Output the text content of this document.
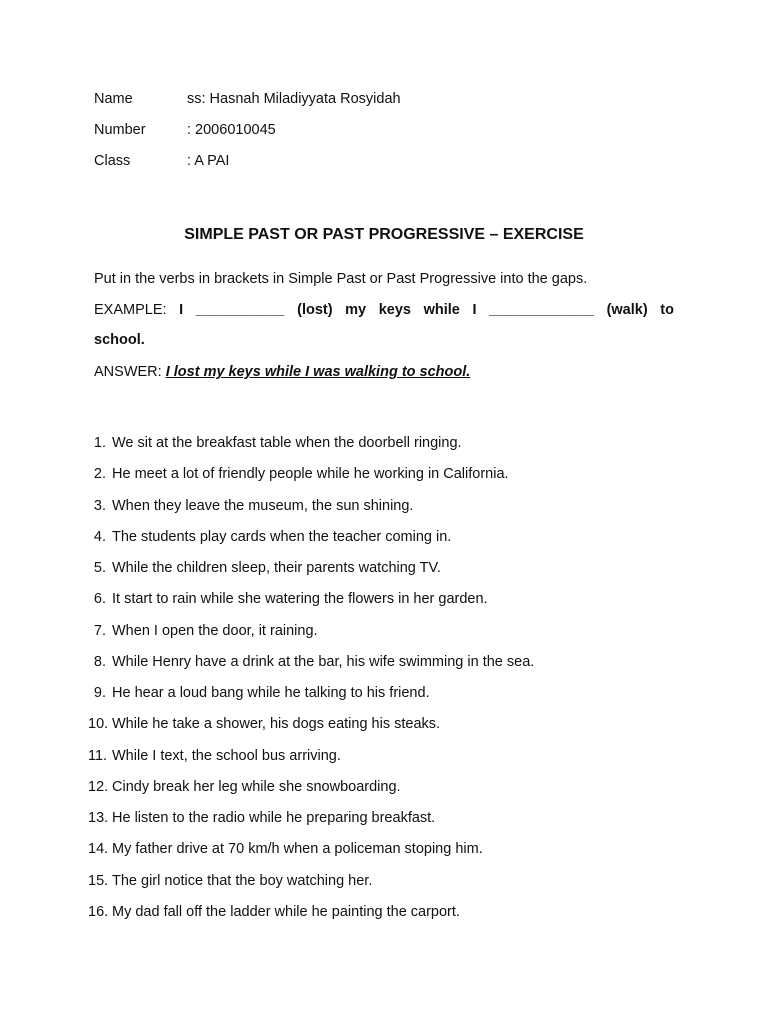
Name	ss: Hasnah Miladiyyata Rosyidah
Number	: 2006010045
Class	: A PAI
SIMPLE PAST OR PAST PROGRESSIVE – EXERCISE
Put in the verbs in brackets in Simple Past or Past Progressive into the gaps.
EXAMPLE: I ___________ (lost) my keys while I _____________ (walk) to
school.
ANSWER: I lost my keys while I was walking to school.
1. We sit at the breakfast table when the doorbell ringing.
2. He meet a lot of friendly people while he working in California.
3. When they leave the museum, the sun shining.
4. The students play cards when the teacher coming in.
5. While the children sleep, their parents watching TV.
6. It start to rain while she watering the flowers in her garden.
7. When I open the door, it raining.
8. While Henry have a drink at the bar, his wife swimming in the sea.
9. He hear a loud bang while he talking to his friend.
10. While he take a shower, his dogs eating his steaks.
11. While I text, the school bus arriving.
12. Cindy break her leg while she snowboarding.
13. He listen to the radio while he preparing breakfast.
14. My father drive at 70 km/h when a policeman stoping him.
15. The girl notice that the boy watching her.
16. My dad fall off the ladder while he painting the carport.
